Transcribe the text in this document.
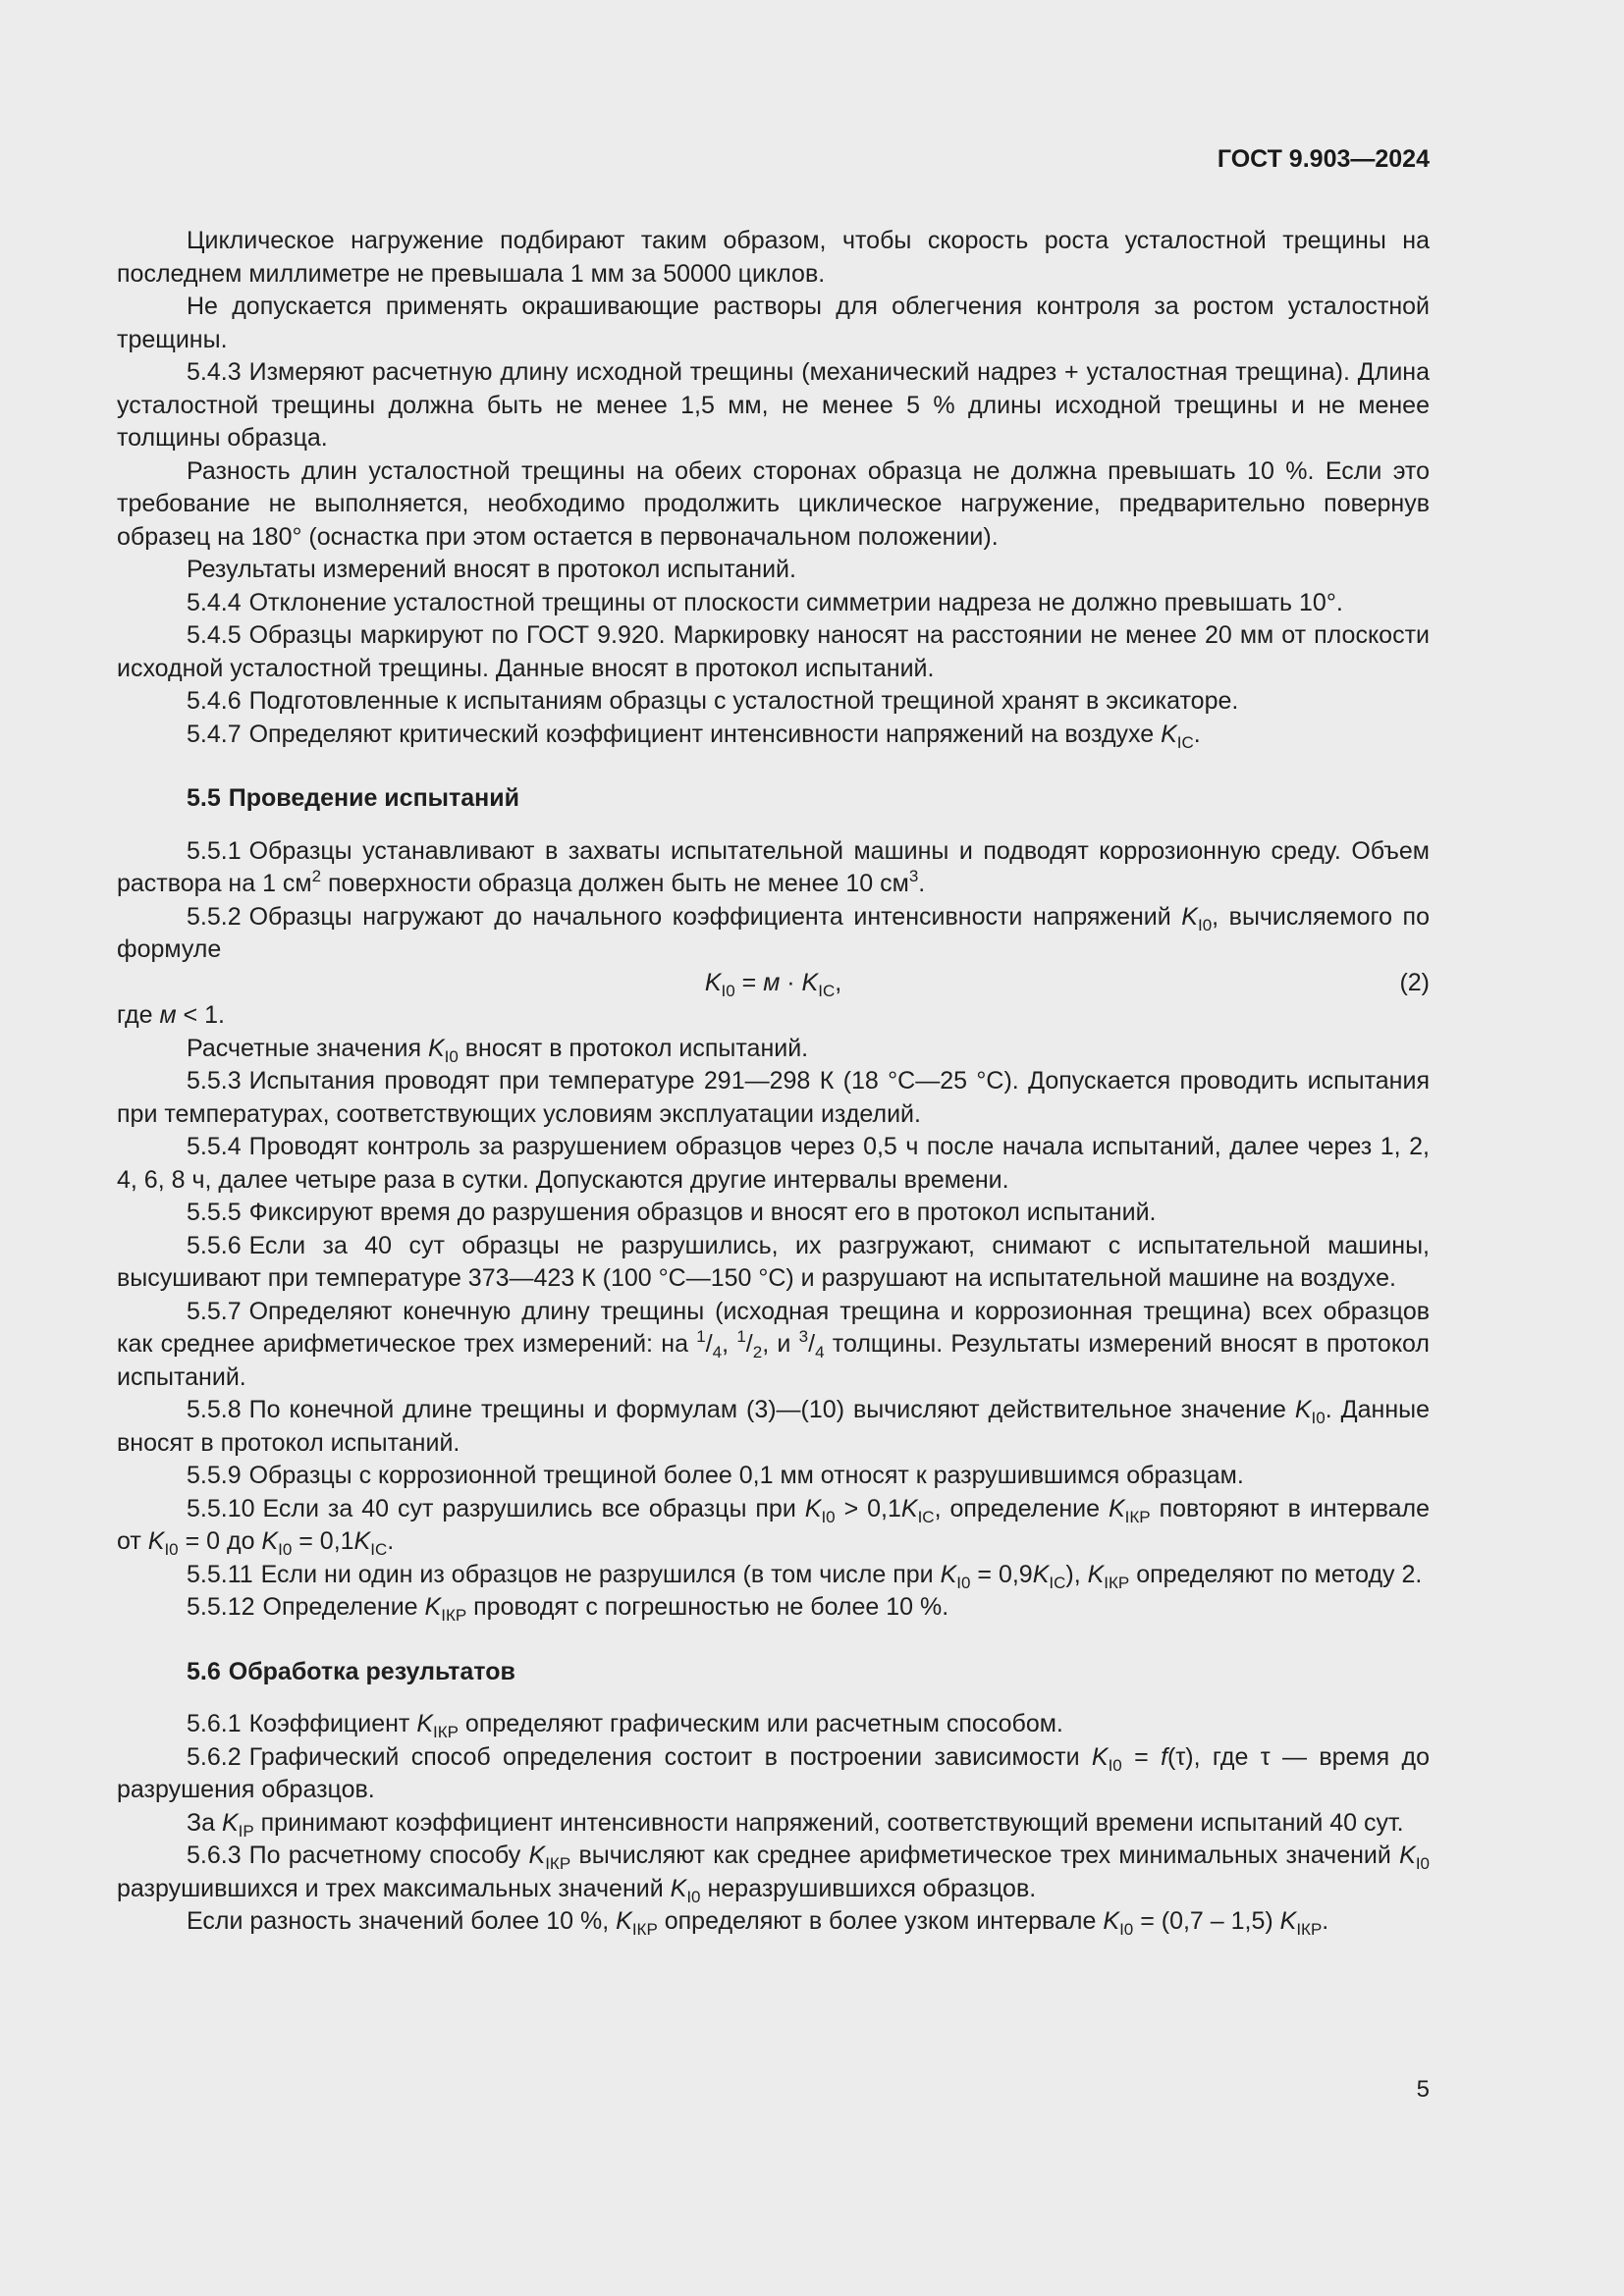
ГОСТ 9.903—2024

Циклическое нагружение подбирают таким образом, чтобы скорость роста усталостной трещины на последнем миллиметре не превышала 1 мм за 50000 циклов.

Не допускается применять окрашивающие растворы для облегчения контроля за ростом усталостной трещины.

5.4.3 Измеряют расчетную длину исходной трещины (механический надрез + усталостная трещина). Длина усталостной трещины должна быть не менее 1,5 мм, не менее 5 % длины исходной трещины и не менее толщины образца.

Разность длин усталостной трещины на обеих сторонах образца не должна превышать 10 %. Если это требование не выполняется, необходимо продолжить циклическое нагружение, предварительно повернув образец на 180° (оснастка при этом остается в первоначальном положении).

Результаты измерений вносят в протокол испытаний.

5.4.4 Отклонение усталостной трещины от плоскости симметрии надреза не должно превышать 10°.

5.4.5 Образцы маркируют по ГОСТ 9.920. Маркировку наносят на расстоянии не менее 20 мм от плоскости исходной усталостной трещины. Данные вносят в протокол испытаний.

5.4.6 Подготовленные к испытаниям образцы с усталостной трещиной хранят в эксикаторе.

5.4.7 Определяют критический коэффициент интенсивности напряжений на воздухе $K_{IC}$.

5.5 Проведение испытаний

5.5.1 Образцы устанавливают в захваты испытательной машины и подводят коррозионную среду. Объем раствора на 1 $см^2$ поверхности образца должен быть не менее 10 $см^3$.

5.5.2 Образцы нагружают до начального коэффициента интенсивности напряжений $K_{I0}$, вычисляемого по формуле

$K_{I0} = м \cdot K_{IC}$,	(2)

где м < 1.

Расчетные значения $K_{I0}$ вносят в протокол испытаний.

5.5.3 Испытания проводят при температуре 291—298 К (18 °С—25 °С). Допускается проводить испытания при температурах, соответствующих условиям эксплуатации изделий.

5.5.4 Проводят контроль за разрушением образцов через 0,5 ч после начала испытаний, далее через 1, 2, 4, 6, 8 ч, далее четыре раза в сутки. Допускаются другие интервалы времени.

5.5.5 Фиксируют время до разрушения образцов и вносят его в протокол испытаний.

5.5.6 Если за 40 сут образцы не разрушились, их разгружают, снимают с испытательной машины, высушивают при температуре 373—423 К (100 °С—150 °С) и разрушают на испытательной машине на воздухе.

5.5.7 Определяют конечную длину трещины (исходная трещина и коррозионная трещина) всех образцов как среднее арифметическое трех измерений: на $^1/_4$, $^1/_2$, и $^3/_4$ толщины. Результаты измерений вносят в протокол испытаний.

5.5.8 По конечной длине трещины и формулам (3)—(10) вычисляют действительное значение $K_{I0}$. Данные вносят в протокол испытаний.

5.5.9 Образцы с коррозионной трещиной более 0,1 мм относят к разрушившимся образцам.

5.5.10 Если за 40 сут разрушились все образцы при $K_{I0} > 0,1K_{IC}$, определение $K_{IКР}$ повторяют в интервале от $K_{I0} = 0$ до $K_{I0} = 0,1K_{IC}$.

5.5.11 Если ни один из образцов не разрушился (в том числе при $K_{I0} = 0,9K_{IC}$), $K_{IКР}$ определяют по методу 2.

5.5.12 Определение $K_{IКР}$ проводят с погрешностью не более 10 %.

5.6 Обработка результатов

5.6.1 Коэффициент $K_{IКР}$ определяют графическим или расчетным способом.

5.6.2 Графический способ определения состоит в построении зависимости $K_{I0} = f(\tau)$, где τ — время до разрушения образцов.

За $K_{IР}$ принимают коэффициент интенсивности напряжений, соответствующий времени испытаний 40 сут.

5.6.3 По расчетному способу $K_{IКР}$ вычисляют как среднее арифметическое трех минимальных значений $K_{I0}$ разрушившихся и трех максимальных значений $K_{I0}$ неразрушившихся образцов.

Если разность значений более 10 %, $K_{IКР}$ определяют в более узком интервале $K_{I0} = (0,7 - 1,5)$ $K_{IКР}$.

5
